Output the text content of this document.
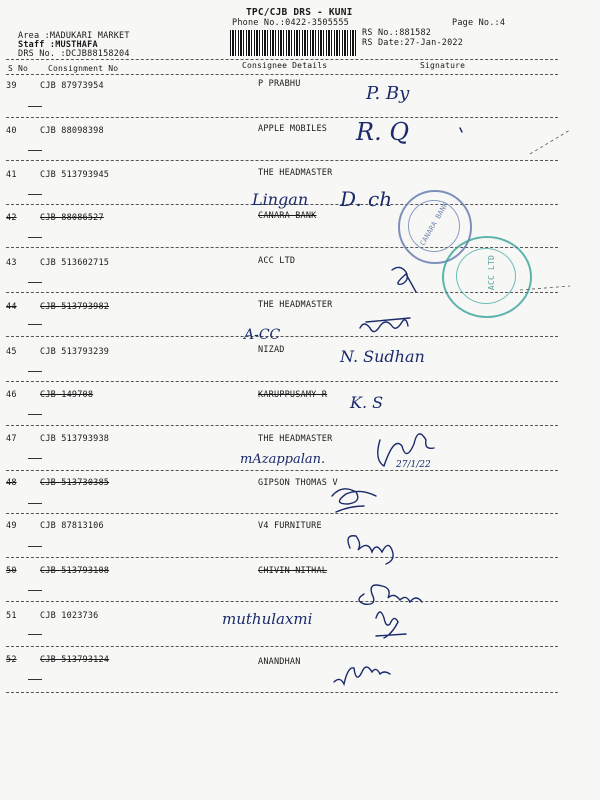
TPC/CJB DRS - KUNI
Phone No.:0422-3505555	Page No.:4
Area :MADUKARI MARKET
Staff :MUSTHAFA
DRS No. :DCJB88158204
RS No.:881582
RS Date:27-Jan-2022
S No Consignment No	Consignee Details	Signature
39	CJB 87973954	P PRABHU
40	CJB 88098398	APPLE MOBILES
41	CJB 513793945	THE HEADMASTER
42	CJB 88086527	CANARA BANK
43	CJB 513602715	ACC LTD
44	CJB 513793982	THE HEADMASTER
45	CJB 513793239	NIZAD
46	CJB 149708	KARUPPUSAMY R
47	CJB 513793938	THE HEADMASTER
48	CJB 513730385	GIPSON THOMAS V
49	CJB 87813106	V4 FURNITURE
50	CJB 513793108	CHIVIN NITHAL
51	CJB 1023736
52	CJB 513793124	ANANDHAN
P. By
R. Q
Lingan D. ch
A-CC
N. Sudhan
K. S
mAzappalan.	27/1/22
muthulaxmi
CANARA BANK
ACC LTD
